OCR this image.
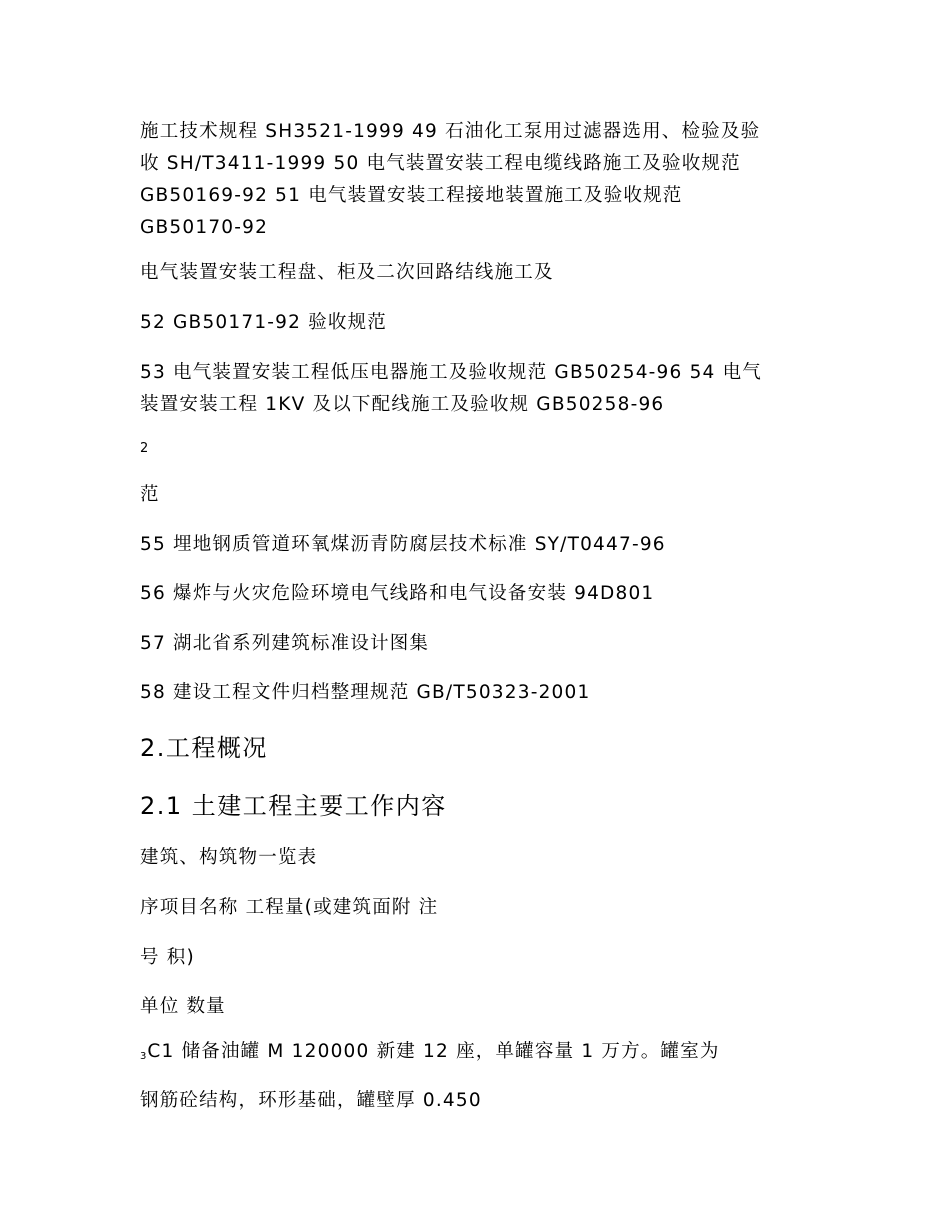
施工技术规程 SH3521-1999 49 石油化工泵用过滤器选用、检验及验
收 SH/T3411-1999 50 电气装置安装工程电缆线路施工及验收规范
GB50169-92 51 电气装置安装工程接地装置施工及验收规范
GB50170-92
电气装置安装工程盘、柜及二次回路结线施工及
52 GB50171-92 验收规范
53 电气装置安装工程低压电器施工及验收规范 GB50254-96 54 电气
装置安装工程 1KV 及以下配线施工及验收规 GB50258-96
2
范
55 埋地钢质管道环氧煤沥青防腐层技术标准 SY/T0447-96
56 爆炸与火灾危险环境电气线路和电气设备安装 94D801
57 湖北省系列建筑标准设计图集
58 建设工程文件归档整理规范 GB/T50323-2001
2.工程概况
2.1 土建工程主要工作内容
建筑、构筑物一览表
序项目名称 工程量(或建筑面附 注
号 积)
单位 数量
$_3$C1 储备油罐 M 120000 新建 12 座，单罐容量 1 万方。罐室为
钢筋砼结构，环形基础，罐壁厚 0.450
